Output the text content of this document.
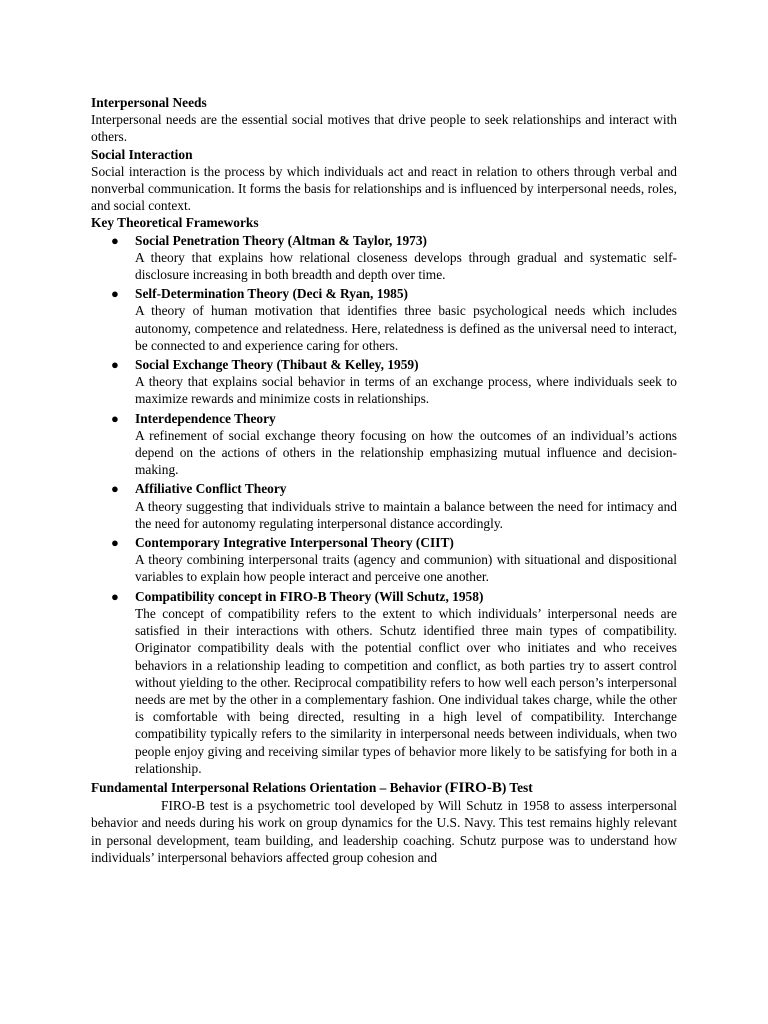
Interpersonal Needs

Interpersonal needs are the essential social motives that drive people to seek relationships and interact with others.

Social Interaction

Social interaction is the process by which individuals act and react in relation to others through verbal and nonverbal communication. It forms the basis for relationships and is influenced by interpersonal needs, roles, and social context.

Key Theoretical Frameworks

● Social Penetration Theory (Altman & Taylor, 1973)
A theory that explains how relational closeness develops through gradual and systematic self-disclosure increasing in both breadth and depth over time.
● Self-Determination Theory (Deci & Ryan, 1985)
A theory of human motivation that identifies three basic psychological needs which includes autonomy, competence and relatedness. Here, relatedness is defined as the universal need to interact, be connected to and experience caring for others.
● Social Exchange Theory (Thibaut & Kelley, 1959)
A theory that explains social behavior in terms of an exchange process, where individuals seek to maximize rewards and minimize costs in relationships.
● Interdependence Theory
A refinement of social exchange theory focusing on how the outcomes of an individual’s actions depend on the actions of others in the relationship emphasizing mutual influence and decision-making.
● Affiliative Conflict Theory
A theory suggesting that individuals strive to maintain a balance between the need for intimacy and the need for autonomy regulating interpersonal distance accordingly.
● Contemporary Integrative Interpersonal Theory (CIIT)
A theory combining interpersonal traits (agency and communion) with situational and dispositional variables to explain how people interact and perceive one another.
● Compatibility concept in FIRO-B Theory (Will Schutz, 1958)
The concept of compatibility refers to the extent to which individuals’ interpersonal needs are satisfied in their interactions with others. Schutz identified three main types of compatibility. Originator compatibility deals with the potential conflict over who initiates and who receives behaviors in a relationship leading to competition and conflict, as both parties try to assert control without yielding to the other. Reciprocal compatibility refers to how well each person’s interpersonal needs are met by the other in a complementary fashion. One individual takes charge, while the other is comfortable with being directed, resulting in a high level of compatibility. Interchange compatibility typically refers to the similarity in interpersonal needs between individuals, when two people enjoy giving and receiving similar types of behavior more likely to be satisfying for both in a relationship.

Fundamental Interpersonal Relations Orientation – Behavior (FIRO-B) Test

FIRO-B test is a psychometric tool developed by Will Schutz in 1958 to assess interpersonal behavior and needs during his work on group dynamics for the U.S. Navy. This test remains highly relevant in personal development, team building, and leadership coaching. Schutz purpose was to understand how individuals’ interpersonal behaviors affected group cohesion and
